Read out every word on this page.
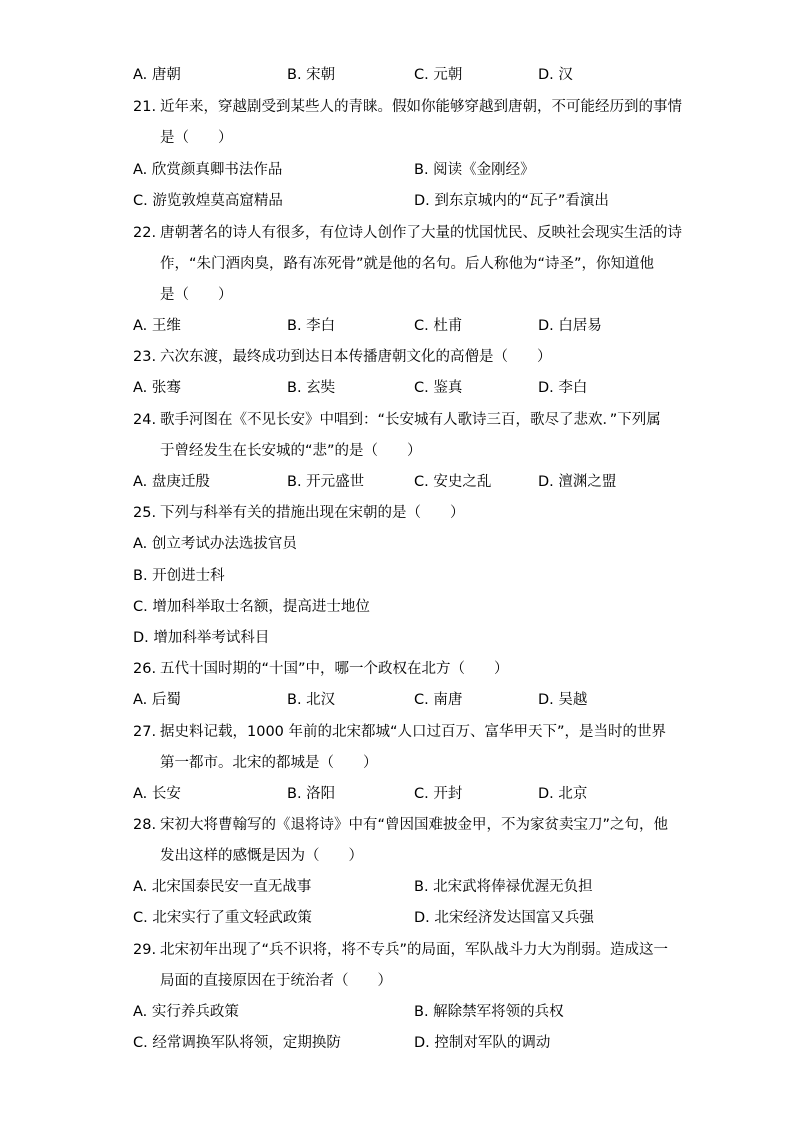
A. 唐朝	B. 宋朝	C. 元朝	D. 汉
21. 近年来，穿越剧受到某些人的青睐。假如你能够穿越到唐朝，不可能经历到的事情
是（　　）
A. 欣赏颜真卿书法作品	B. 阅读《金刚经》
C. 游览敦煌莫高窟精品	D. 到东京城内的“瓦子”看演出
22. 唐朝著名的诗人有很多，有位诗人创作了大量的忧国忧民、反映社会现实生活的诗
作，“朱门酒肉臭，路有冻死骨”就是他的名句。后人称他为“诗圣”，你知道他
是（　　）
A. 王维	B. 李白	C. 杜甫	D. 白居易
23. 六次东渡，最终成功到达日本传播唐朝文化的高僧是（　　）
A. 张骞	B. 玄奘	C. 鉴真	D. 李白
24. 歌手河图在《不见长安》中唱到：“长安城有人歌诗三百，歌尽了悲欢．”下列属
于曾经发生在长安城的“悲”的是（　　）
A. 盘庚迁殷	B. 开元盛世	C. 安史之乱	D. 澶渊之盟
25. 下列与科举有关的措施出现在宋朝的是（　　）
A. 创立考试办法选拔官员
B. 开创进士科
C. 增加科举取士名额，提高进士地位
D. 增加科举考试科目
26. 五代十国时期的“十国”中，哪一个政权在北方（　　）
A. 后蜀	B. 北汉	C. 南唐	D. 吴越
27. 据史料记载，1000 年前的北宋都城“人口过百万、富华甲天下”，是当时的世界
第一都市。北宋的都城是（　　）
A. 长安	B. 洛阳	C. 开封	D. 北京
28. 宋初大将曹翰写的《退将诗》中有“曾因国难披金甲，不为家贫卖宝刀”之句，他
发出这样的感慨是因为（　　）
A. 北宋国泰民安一直无战事	B. 北宋武将俸禄优渥无负担
C. 北宋实行了重文轻武政策	D. 北宋经济发达国富又兵强
29. 北宋初年出现了“兵不识将，将不专兵”的局面，军队战斗力大为削弱。造成这一
局面的直接原因在于统治者（　　）
A. 实行养兵政策	B. 解除禁军将领的兵权
C. 经常调换军队将领，定期换防	D. 控制对军队的调动
